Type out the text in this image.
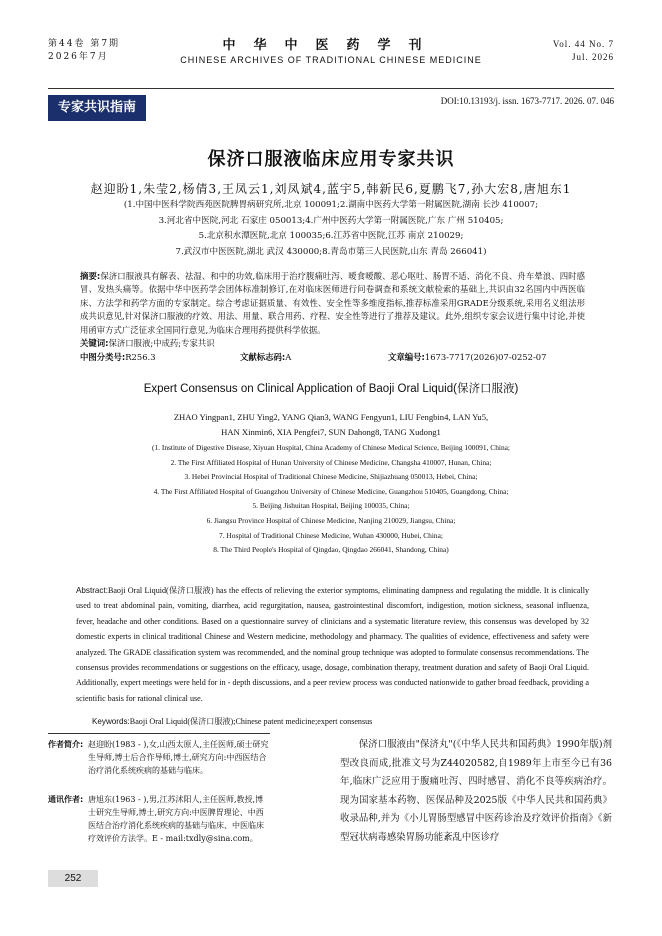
第44卷 第7期
2026年7月
中华中医药学刊
CHINESE ARCHIVES OF TRADITIONAL CHINESE MEDICINE
Vol. 44 No. 7
Jul. 2026
专家共识指南	DOI:10.13193/j. issn. 1673-7717. 2026. 07. 046
保济口服液临床应用专家共识
赵迎盼1,朱莹2,杨倩3,王凤云1,刘凤斌4,蓝宇5,韩新民6,夏鹏飞7,孙大宏8,唐旭东1
(1.中国中医科学院西苑医院脾胃病研究所,北京 100091;2.湖南中医药大学第一附属医院,湖南 长沙 410007;
3.河北省中医院,河北 石家庄 050013;4.广州中医药大学第一附属医院,广东 广州 510405;
5.北京积水潭医院,北京 100035;6.江苏省中医院,江苏 南京 210029;
7.武汉市中医医院,湖北 武汉 430000;8.青岛市第三人民医院,山东 青岛 266041)
摘要:保济口服液具有解表、祛湿、和中的功效,临床用于治疗腹痛吐泻、嗳食嗳酸、恶心呕吐、肠胃不适、消化不良、舟车晕浪、四时感冒、发热头痛等。依据中华中医药学会团体标准制修订,在对临床医师进行问卷调查和系统文献检索的基础上,共识由32名国内中西医临床、方法学和药学方面的专家制定。综合考虑证据质量、有效性、安全性等多维度指标,推荐标准采用GRADE分级系统,采用名义组法形成共识意见,针对保济口服液的疗效、用法、用量、联合用药、疗程、安全性等进行了推荐及建议。此外,组织专家会议进行集中讨论,并使用函审方式广泛征求全国同行意见,为临床合理用药提供科学依据。
关键词:保济口服液;中成药;专家共识
中图分类号:R256.3	文献标志码:A	文章编号:1673-7717(2026)07-0252-07
Expert Consensus on Clinical Application of Baoji Oral Liquid(保济口服液)
ZHAO Yingpan1, ZHU Ying2, YANG Qian3, WANG Fengyun1, LIU Fengbin4, LAN Yu5,
HAN Xinmin6, XIA Pengfei7, SUN Dahong8, TANG Xudong1
(1. Institute of Digestive Disease, Xiyuan Hospital, China Academy of Chinese Medical Science, Beijing 100091, China;
2. The First Affiliated Hospital of Hunan University of Chinese Medicine, Changsha 410007, Hunan, China;
3. Hebei Provincial Hospital of Traditional Chinese Medicine, Shijiazhuang 050013, Hebei, China;
4. The First Affiliated Hospital of Guangzhou University of Chinese Medicine, Guangzhou 510405, Guangdong, China;
5. Beijing Jishuitan Hospital, Beijing 100035, China;
6. Jiangsu Province Hospital of Chinese Medicine, Nanjing 210029, Jiangsu, China;
7. Hospital of Traditional Chinese Medicine, Wuhan 430000, Hubei, China;
8. The Third People's Hospital of Qingdao, Qingdao 266041, Shandong, China)
Abstract:Baoji Oral Liquid(保济口服液) has the effects of relieving the exterior symptoms, eliminating dampness and regulating the middle. It is clinically used to treat abdominal pain, vomiting, diarrhea, acid regurgitation, nausea, gastrointestinal discomfort, indigestion, motion sickness, seasonal influenza, fever, headache and other conditions. Based on a questionnaire survey of clinicians and a systematic literature review, this consensus was developed by 32 domestic experts in clinical traditional Chinese and Western medicine, methodology and pharmacy. The qualities of evidence, effectiveness and safety were analyzed. The GRADE classification system was recommended, and the nominal group technique was adopted to formulate consensus recommendations. The consensus provides recommendations or suggestions on the efficacy, usage, dosage, combination therapy, treatment duration and safety of Baoji Oral Liquid. Additionally, expert meetings were held for in - depth discussions, and a peer review process was conducted nationwide to gather broad feedback, providing a scientific basis for rational clinical use.
Keywords:Baoji Oral Liquid(保济口服液);Chinese patent medicine;expert consensus
作者简介: 赵迎盼(1983 - ),女,山西太原人,主任医师,硕士研究生导师,博士后合作导师,博士,研究方向:中西医结合治疗消化系统疾病的基础与临床。
通讯作者: 唐旭东(1963 - ),男,江苏沭阳人,主任医师,教授,博士研究生导师,博士,研究方向:中医脾胃理论、中西医结合治疗消化系统疾病的基础与临床、中医临床疗效评价方法学。E - mail:txdly@sina.com。
保济口服液由"保济丸"(《中华人民共和国药典》1990年版)剂型改良而成,批准文号为Z44020582,自1989年上市至今已有36年,临床广泛应用于腹痛吐泻、四时感冒、消化不良等疾病治疗。现为国家基本药物、医保品种及2025版《中华人民共和国药典》收录品种,并为《小儿胃肠型感冒中医药诊治及疗效评价指南》《新型冠状病毒感染胃肠功能紊乱中医诊疗
252
